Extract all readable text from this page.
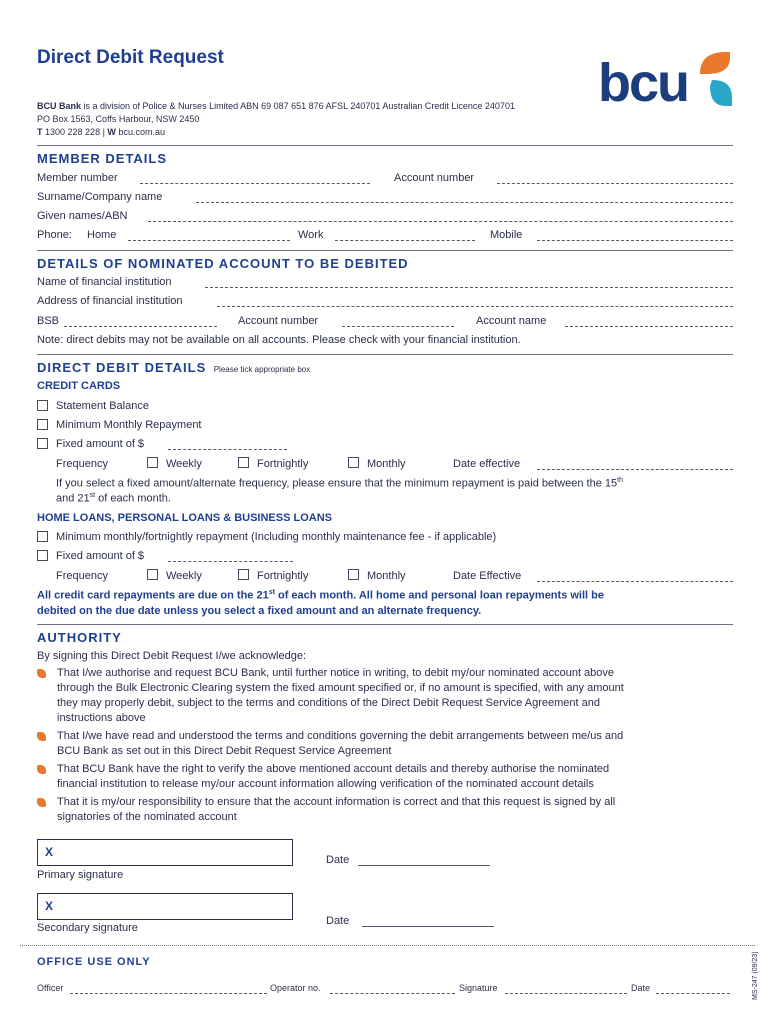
Direct Debit Request
BCU Bank is a division of Police & Nurses Limited ABN 69 087 651 876 AFSL 240701 Australian Credit Licence 240701
PO Box 1563, Coffs Harbour, NSW 2450
T 1300 228 228 | W bcu.com.au
bcu
MEMBER DETAILS
Member number	Account number
Surname/Company name
Given names/ABN
Phone: Home	Work	Mobile
DETAILS OF NOMINATED ACCOUNT TO BE DEBITED
Name of financial institution
Address of financial institution
BSB	Account number	Account name
Note: direct debits may not be available on all accounts. Please check with your financial institution.
DIRECT DEBIT DETAILS Please tick appropriate box
CREDIT CARDS
Statement Balance
Minimum Monthly Repayment
Fixed amount of $
Frequency	Weekly	Fortnightly	Monthly	Date effective
If you select a fixed amount/alternate frequency, please ensure that the minimum repayment is paid between the 15th
and 21st of each month.
HOME LOANS, PERSONAL LOANS & BUSINESS LOANS
Minimum monthly/fortnightly repayment (Including monthly maintenance fee - if applicable)
Fixed amount of $
Frequency	Weekly	Fortnightly	Monthly	Date Effective
All credit card repayments are due on the 21st of each month. All home and personal loan repayments will be
debited on the due date unless you select a fixed amount and an alternate frequency.
AUTHORITY
By signing this Direct Debit Request I/we acknowledge:
That I/we authorise and request BCU Bank, until further notice in writing, to debit my/our nominated account above
through the Bulk Electronic Clearing system the fixed amount specified or, if no amount is specified, with any amount
they may properly debit, subject to the terms and conditions of the Direct Debit Request Service Agreement and
instructions above
That I/we have read and understood the terms and conditions governing the debit arrangements between me/us and
BCU Bank as set out in this Direct Debit Request Service Agreement
That BCU Bank have the right to verify the above mentioned account details and thereby authorise the nominated
financial institution to release my/our account information allowing verification of the nominated account details
That it is my/our responsibility to ensure that the account information is correct and that this request is signed by all
signatories of the nominated account
X
Primary signature
Date
X
Secondary signature
Date
OFFICE USE ONLY
Officer	Operator no.	Signature	Date	MS-247 (09/23)
